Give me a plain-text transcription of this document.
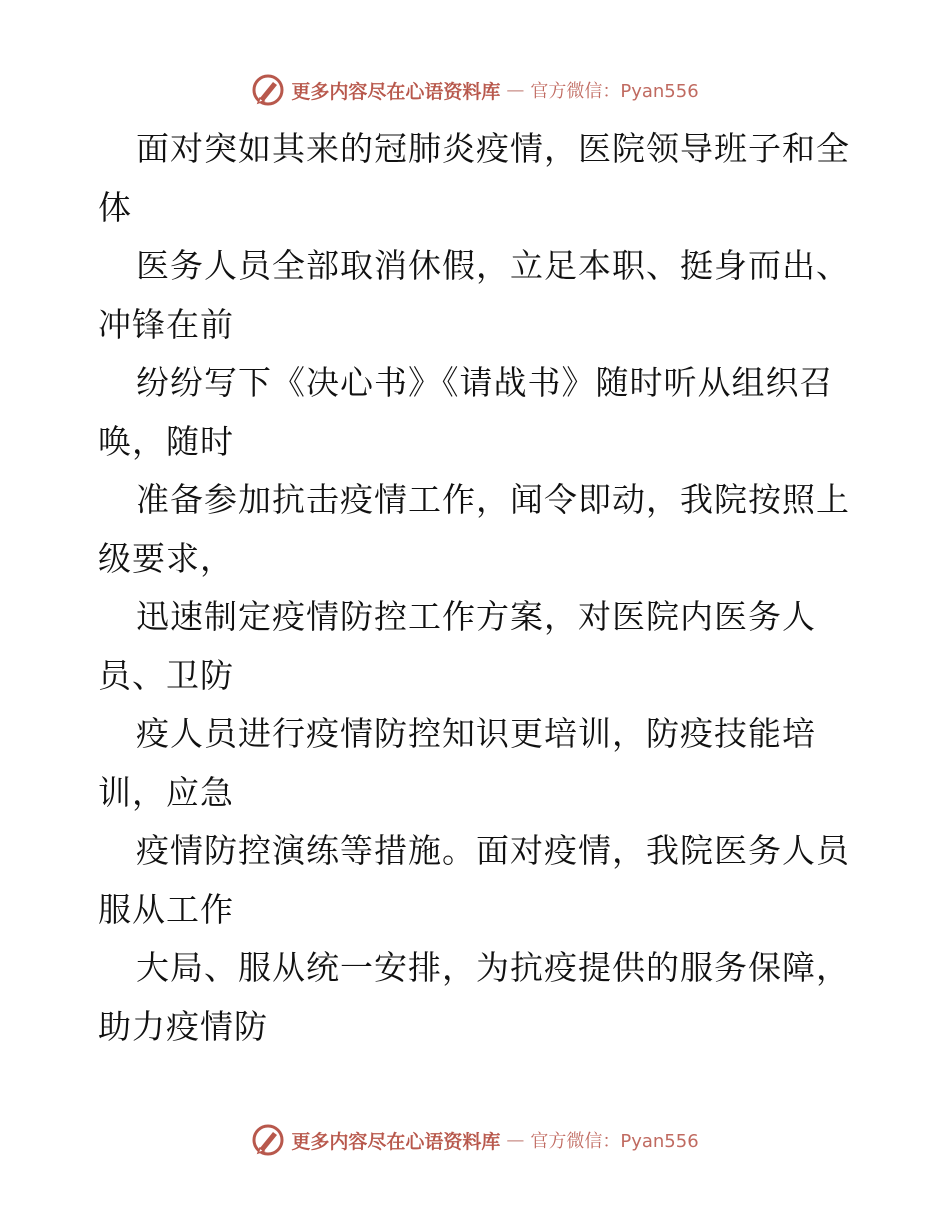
更多内容尽在心语资料库 — 官方微信：Pyan556
面对突如其来的冠肺炎疫情，医院领导班子和全
体
医务人员全部取消休假，立足本职、挺身而出、
冲锋在前
纷纷写下《决心书》《请战书》随时听从组织召
唤，随时
准备参加抗击疫情工作，闻令即动，我院按照上
级要求，
迅速制定疫情防控工作方案，对医院内医务人
员、卫防
疫人员进行疫情防控知识更培训，防疫技能培
训，应急
疫情防控演练等措施。面对疫情，我院医务人员
服从工作
大局、服从统一安排，为抗疫提供的服务保障，
助力疫情防
更多内容尽在心语资料库 — 官方微信：Pyan556
